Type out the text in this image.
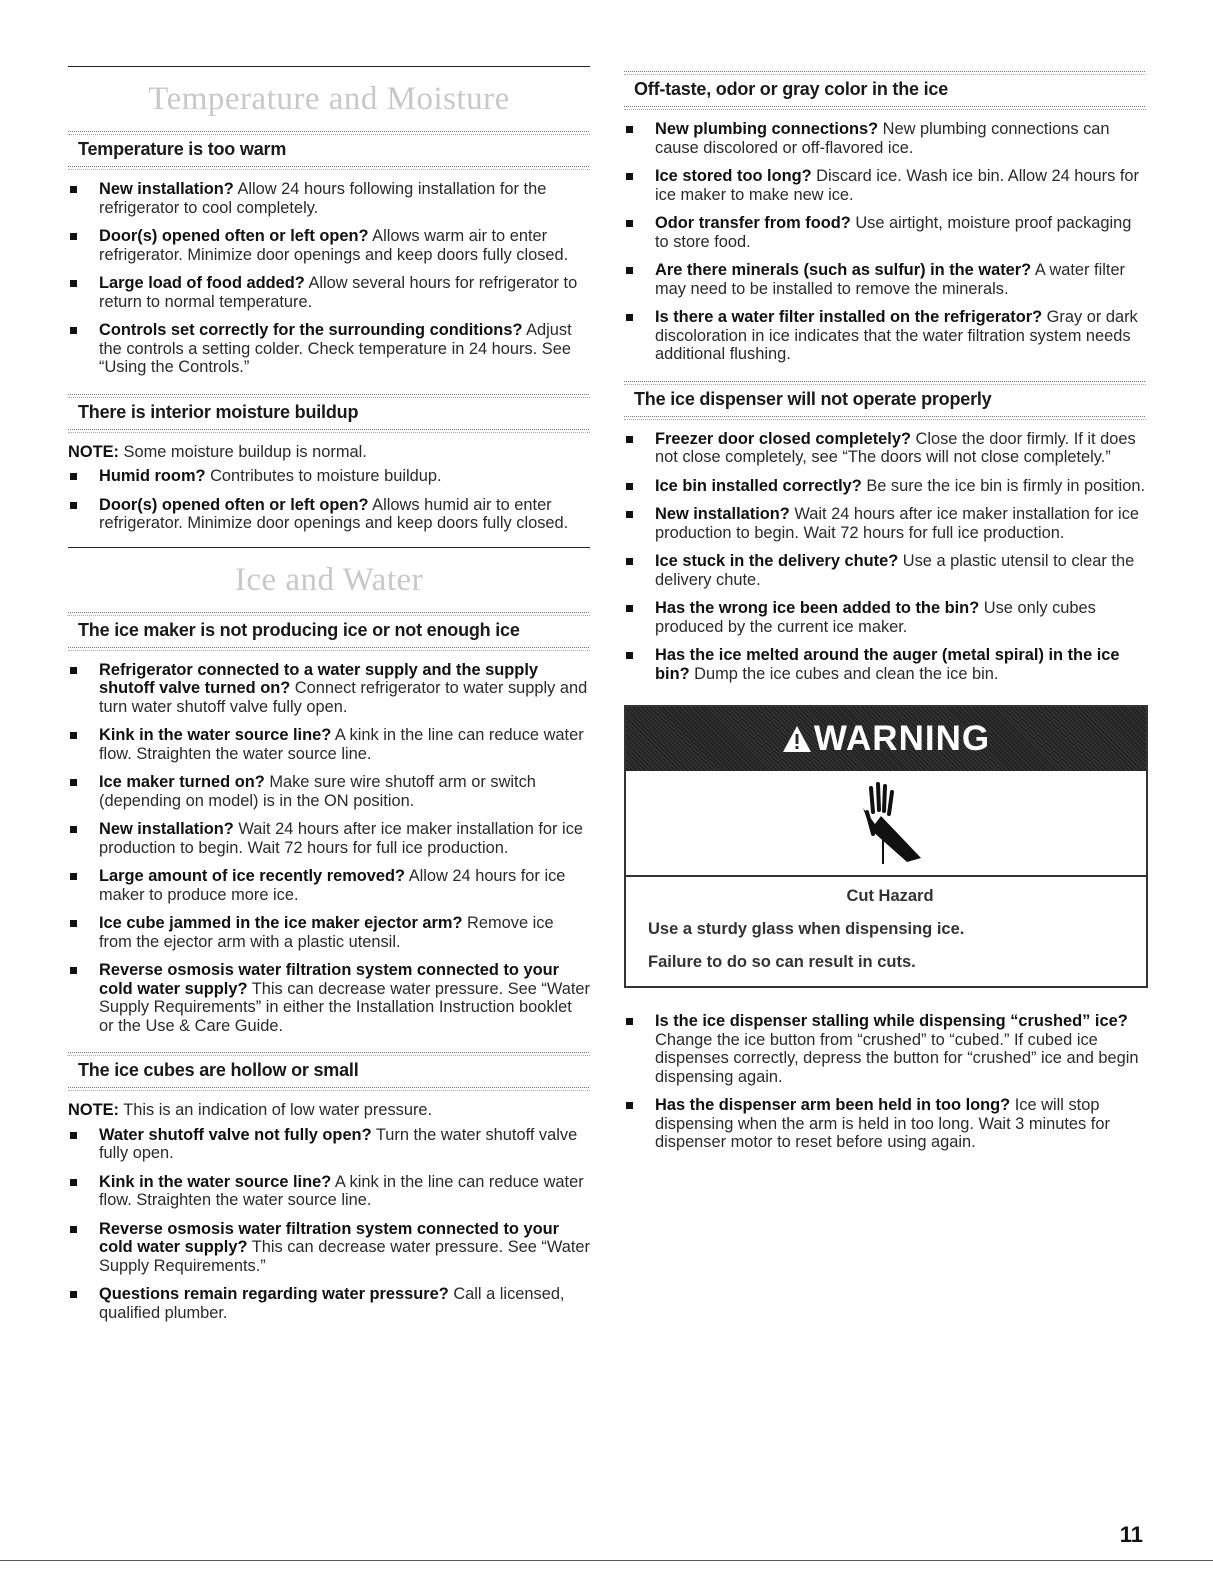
Temperature and Moisture
Temperature is too warm
New installation? Allow 24 hours following installation for the refrigerator to cool completely.
Door(s) opened often or left open? Allows warm air to enter refrigerator. Minimize door openings and keep doors fully closed.
Large load of food added? Allow several hours for refrigerator to return to normal temperature.
Controls set correctly for the surrounding conditions? Adjust the controls a setting colder. Check temperature in 24 hours. See “Using the Controls.”
There is interior moisture buildup

NOTE: Some moisture buildup is normal.

Humid room? Contributes to moisture buildup.
Door(s) opened often or left open? Allows humid air to enter refrigerator. Minimize door openings and keep doors fully closed.
Ice and Water
The ice maker is not producing ice or not enough ice
Refrigerator connected to a water supply and the supply shutoff valve turned on? Connect refrigerator to water supply and turn water shutoff valve fully open.
Kink in the water source line? A kink in the line can reduce water flow. Straighten the water source line.
Ice maker turned on? Make sure wire shutoff arm or switch (depending on model) is in the ON position.
New installation? Wait 24 hours after ice maker installation for ice production to begin. Wait 72 hours for full ice production.
Large amount of ice recently removed? Allow 24 hours for ice maker to produce more ice.
Ice cube jammed in the ice maker ejector arm? Remove ice from the ejector arm with a plastic utensil.
Reverse osmosis water filtration system connected to your cold water supply? This can decrease water pressure. See “Water Supply Requirements” in either the Installation Instruction booklet or the Use & Care Guide.
The ice cubes are hollow or small

NOTE: This is an indication of low water pressure.

Water shutoff valve not fully open? Turn the water shutoff valve fully open.
Kink in the water source line? A kink in the line can reduce water flow. Straighten the water source line.
Reverse osmosis water filtration system connected to your cold water supply? This can decrease water pressure. See “Water Supply Requirements.”
Questions remain regarding water pressure? Call a licensed, qualified plumber.
Off-taste, odor or gray color in the ice
New plumbing connections? New plumbing connections can cause discolored or off-flavored ice.
Ice stored too long? Discard ice. Wash ice bin. Allow 24 hours for ice maker to make new ice.
Odor transfer from food? Use airtight, moisture proof packaging to store food.
Are there minerals (such as sulfur) in the water? A water filter may need to be installed to remove the minerals.
Is there a water filter installed on the refrigerator? Gray or dark discoloration in ice indicates that the water filtration system needs additional flushing.
The ice dispenser will not operate properly
Freezer door closed completely? Close the door firmly. If it does not close completely, see “The doors will not close completely.”
Ice bin installed correctly? Be sure the ice bin is firmly in position.
New installation? Wait 24 hours after ice maker installation for ice production to begin. Wait 72 hours for full ice production.
Ice stuck in the delivery chute? Use a plastic utensil to clear the delivery chute.
Has the wrong ice been added to the bin? Use only cubes produced by the current ice maker.
Has the ice melted around the auger (metal spiral) in the ice bin? Dump the ice cubes and clean the ice bin.
WARNING
Cut Hazard

Use a sturdy glass when dispensing ice.

Failure to do so can result in cuts.

Is the ice dispenser stalling while dispensing “crushed” ice? Change the ice button from “crushed” to “cubed.” If cubed ice dispenses correctly, depress the button for “crushed” ice and begin dispensing again.
Has the dispenser arm been held in too long? Ice will stop dispensing when the arm is held in too long. Wait 3 minutes for dispenser motor to reset before using again.
11
